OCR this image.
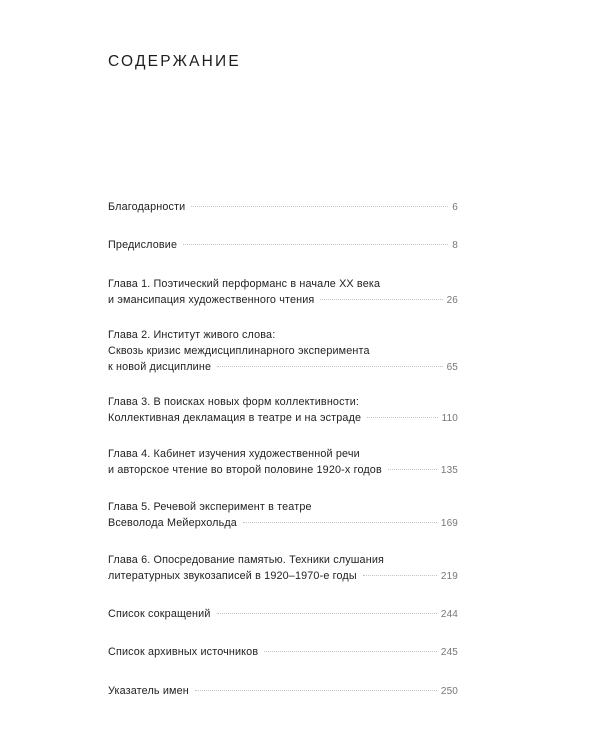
СОДЕРЖАНИЕ
Благодарности	6
Предисловие	8
Глава 1. Поэтический перформанс в начале XX века
и эмансипация художественного чтения	26
Глава 2. Институт живого слова:
Сквозь кризис междисциплинарного эксперимента
к новой дисциплине	65
Глава 3. В поисках новых форм коллективности:
Коллективная декламация в театре и на эстраде	110
Глава 4. Кабинет изучения художественной речи
и авторское чтение во второй половине 1920-х годов	135
Глава 5. Речевой эксперимент в театре
Всеволода Мейерхольда	169
Глава 6. Опосредование памятью. Техники слушания
литературных звукозаписей в 1920–1970-е годы	219
Список сокращений	244
Список архивных источников	245
Указатель имен	250
